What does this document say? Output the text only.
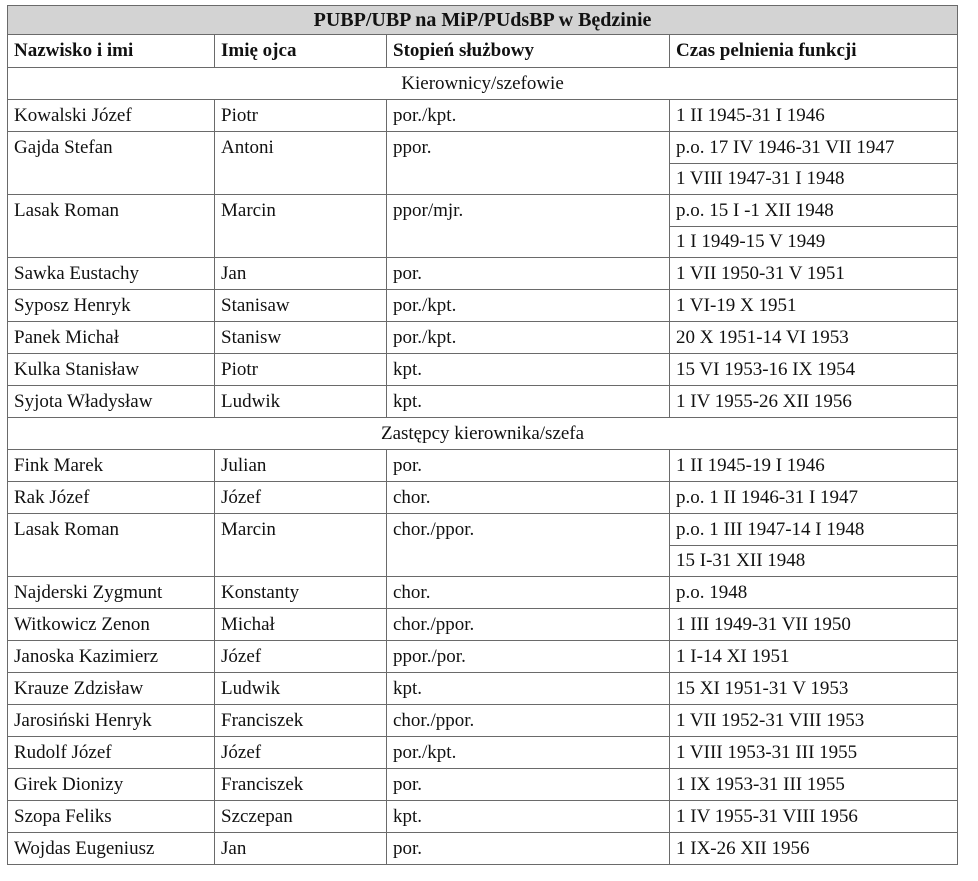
PUBP/UBP na MiP/PUdsBP w Będzinie			
Nazwisko i imi	Imię ojca	Stopień służbowy	Czas pelnienia funkcji
Kierownicy/szefowie			
Kowalski Józef	Piotr	por./kpt.	1 II 1945-31 I 1946
Gajda Stefan	Antoni	ppor.	p.o. 17 IV 1946-31 VII 1947
			1 VIII 1947-31 I 1948
Lasak Roman	Marcin	ppor/mjr.	p.o. 15 I -1 XII 1948
			1 I 1949-15 V 1949
Sawka Eustachy	Jan	por.	1 VII 1950-31 V 1951
Syposz Henryk	Stanisaw	por./kpt.	1 VI-19 X 1951
Panek Michał	Stanisw	por./kpt.	20 X 1951-14 VI 1953
Kulka Stanisław	Piotr	kpt.	15 VI 1953-16 IX 1954
Syjota Władysław	Ludwik	kpt.	1 IV 1955-26 XII 1956
Zastępcy kierownika/szefa			
Fink Marek	Julian	por.	1 II 1945-19 I 1946
Rak Józef	Józef	chor.	p.o. 1 II 1946-31 I 1947
Lasak Roman	Marcin	chor./ppor.	p.o. 1 III 1947-14 I 1948
			15 I-31 XII 1948
Najderski Zygmunt	Konstanty	chor.	p.o. 1948
Witkowicz Zenon	Michał	chor./ppor.	1 III 1949-31 VII 1950
Janoska Kazimierz	Józef	ppor./por.	1 I-14 XI 1951
Krauze Zdzisław	Ludwik	kpt.	15 XI 1951-31 V 1953
Jarosiński Henryk	Franciszek	chor./ppor.	1 VII 1952-31 VIII 1953
Rudolf Józef	Józef	por./kpt.	1 VIII 1953-31 III 1955
Girek Dionizy	Franciszek	por.	1 IX 1953-31 III 1955
Szopa Feliks	Szczepan	kpt.	1 IV 1955-31 VIII 1956
Wojdas Eugeniusz	Jan	por.	1 IX-26 XII 1956
